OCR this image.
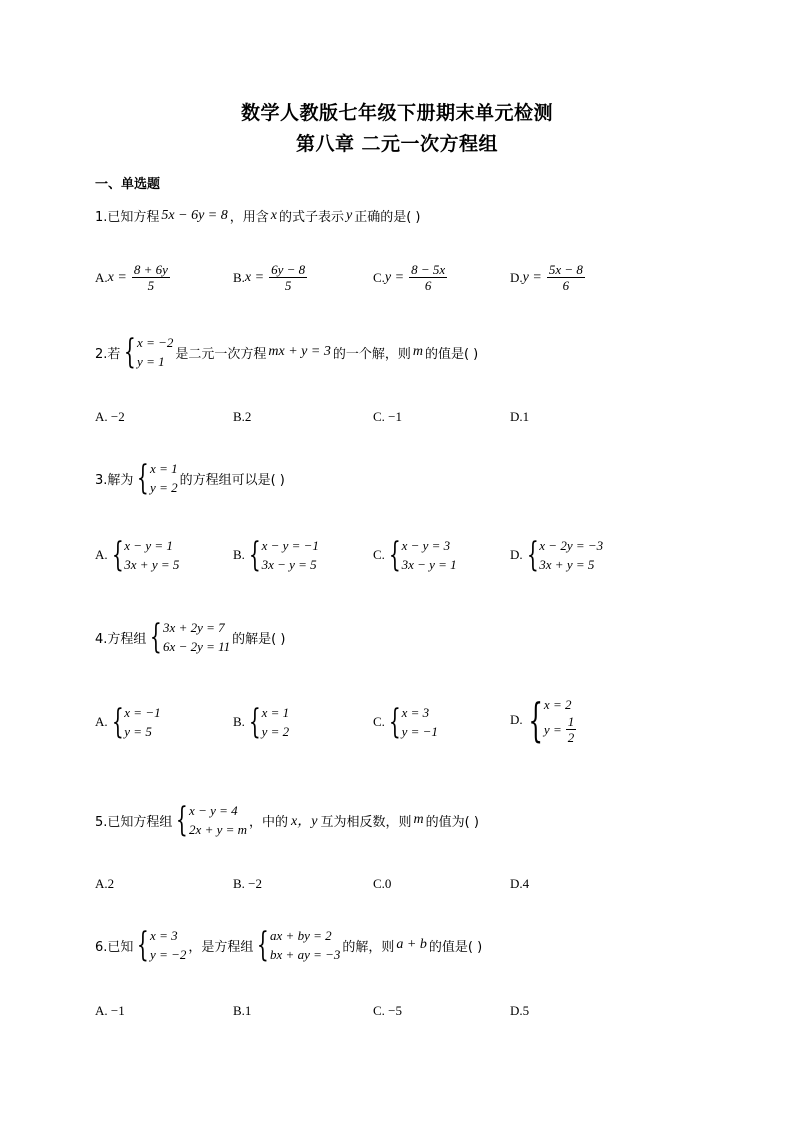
数学人教版七年级下册期末单元检测
第八章 二元一次方程组
一、单选题
1.已知方程 5x − 6y = 8 ，用含 x 的式子表示 y 正确的是( )
A. $x = \frac{8 + 6y}{5}$	B. $x = \frac{6y - 8}{5}$	C. $y = \frac{8 - 5x}{6}$	D. $y = \frac{5x - 8}{6}$
2.若 { x = −2
y = 1 是二元一次方程 mx + y = 3 的一个解，则 m 的值是( )
A. −2	B.2	C. −1	D.1
3.解为 { x = 1
y = 2 的方程组可以是( )
A. { x − y = 1
3x + y = 5
B. { x − y = −1
3x − y = 5
C. { x − y = 3
3x − y = 1
D. { x − 2y = −3
3x + y = 5
4.方程组 { 3x + 2y = 7
6x − 2y = 11 的解是( )
A. { x = −1
y = 5
B. { x = 1
y = 2
C. { x = 3
y = −1
D. { x = 2
$y = \frac{1}{2}$
5.已知方程组 { x − y = 4
2x + y = m ，中的 x，y 互为相反数，则 m 的值为( )
A.2	B. −2	C.0	D.4
6.已知 { x = 3
y = −2 ，是方程组 { ax + by = 2
bx + ay = −3 的解，则 a + b 的值是( )
A. −1	B.1	C. −5	D.5
